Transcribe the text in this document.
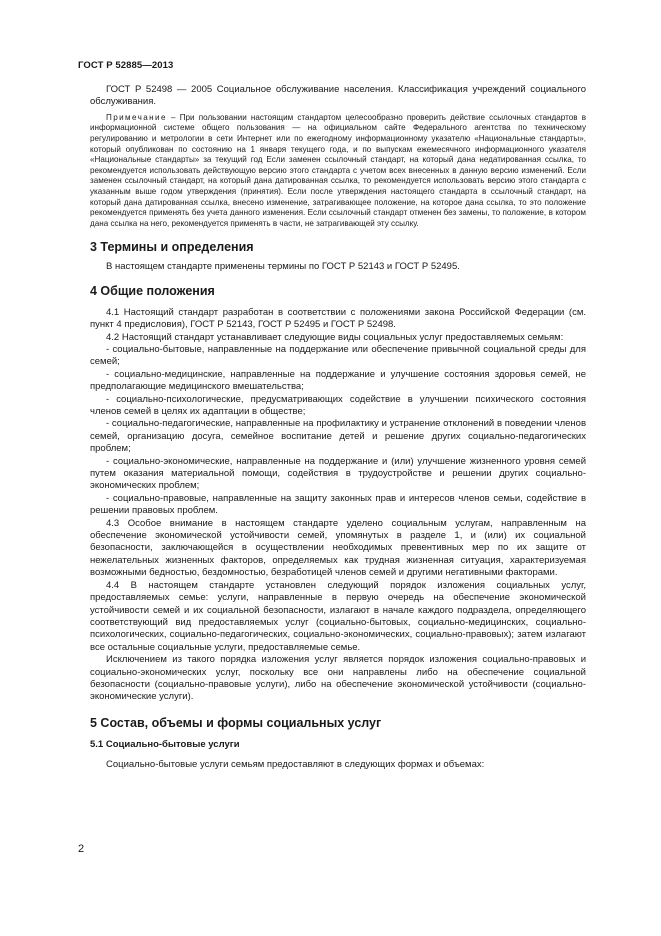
ГОСТ Р 52885—2013

ГОСТ Р 52498 — 2005 Социальное обслуживание населения. Классификация учреждений социального обслуживания.

Примечание – При пользовании настоящим стандартом целесообразно проверить действие ссылочных стандартов в информационной системе общего пользования — на официальном сайте Федерального агентства по техническому регулированию и метрологии в сети Интернет или по ежегодному информационному указателю «Национальные стандарты», который опубликован по состоянию на 1 января текущего года, и по выпускам ежемесячного информационного указателя «Национальные стандарты» за текущий год Если заменен ссылочный стандарт, на который дана недатированная ссылка, то рекомендуется использовать действующую версию этого стандарта с учетом всех внесенных в данную версию изменений. Если заменен ссылочный стандарт, на который дана датированная ссылка, то рекомендуется использовать версию этого стандарта с указанным выше годом утверждения (принятия). Если после утверждения настоящего стандарта в ссылочный стандарт, на который дана датированная ссылка, внесено изменение, затрагивающее положение, на которое дана ссылка, то это положение рекомендуется применять без учета данного изменения. Если ссылочный стандарт отменен без замены, то положение, в котором дана ссылка на него, рекомендуется применять в части, не затрагивающей эту ссылку.

3 Термины и определения

В настоящем стандарте применены термины по ГОСТ Р 52143 и ГОСТ Р 52495.

4 Общие положения

4.1 Настоящий стандарт разработан в соответствии с положениями закона Российской Федерации (см. пункт 4 предисловия), ГОСТ Р 52143, ГОСТ Р 52495 и ГОСТ Р 52498.

4.2 Настоящий стандарт устанавливает следующие виды социальных услуг предоставляемых семьям:

- социально-бытовые, направленные на поддержание или обеспечение привычной социальной среды для семей;

- социально-медицинские, направленные на поддержание и улучшение состояния здоровья семей, не предполагающие медицинского вмешательства;

- социально-психологические, предусматривающих содействие в улучшении психического состояния членов семей в целях их адаптации в обществе;

- социально-педагогические, направленные на профилактику и устранение отклонений в поведении членов семей, организацию досуга, семейное воспитание детей и решение других социально-педагогических проблем;

- социально-экономические, направленные на поддержание и (или) улучшение жизненного уровня семей путем оказания материальной помощи, содействия в трудоустройстве и решении других социально-экономических проблем;

- социально-правовые, направленные на защиту законных прав и интересов членов семьи, содействие в решении правовых проблем.

4.3 Особое внимание в настоящем стандарте уделено социальным услугам, направленным на обеспечение экономической устойчивости семей, упомянутых в разделе 1, и (или) их социальной безопасности, заключающейся в осуществлении необходимых превентивных мер по их защите от нежелательных жизненных факторов, определяемых как трудная жизненная ситуация, характеризуемая возможными бедностью, бездомностью, безработицей членов семей и другими негативными факторами.

4.4 В настоящем стандарте установлен следующий порядок изложения социальных услуг, предоставляемых семье: услуги, направленные в первую очередь на обеспечение экономической устойчивости семей и их социальной безопасности, излагают в начале каждого подраздела, определяющего соответствующий вид предоставляемых услуг (социально-бытовых, социально-медицинских, социально-психологических, социально-педагогических, социально-экономических, социально-правовых); затем излагают все остальные социальные услуги, предоставляемые семье.

Исключением из такого порядка изложения услуг является порядок изложения социально-правовых и социально-экономических услуг, поскольку все они направлены либо на обеспечение социальной безопасности (социально-правовые услуги), либо на обеспечение экономической устойчивости (социально-экономические услуги).

5 Состав, объемы и формы социальных услуг
5.1 Социально-бытовые услуги

Социально-бытовые услуги семьям предоставляют в следующих формах и объемах:

2
